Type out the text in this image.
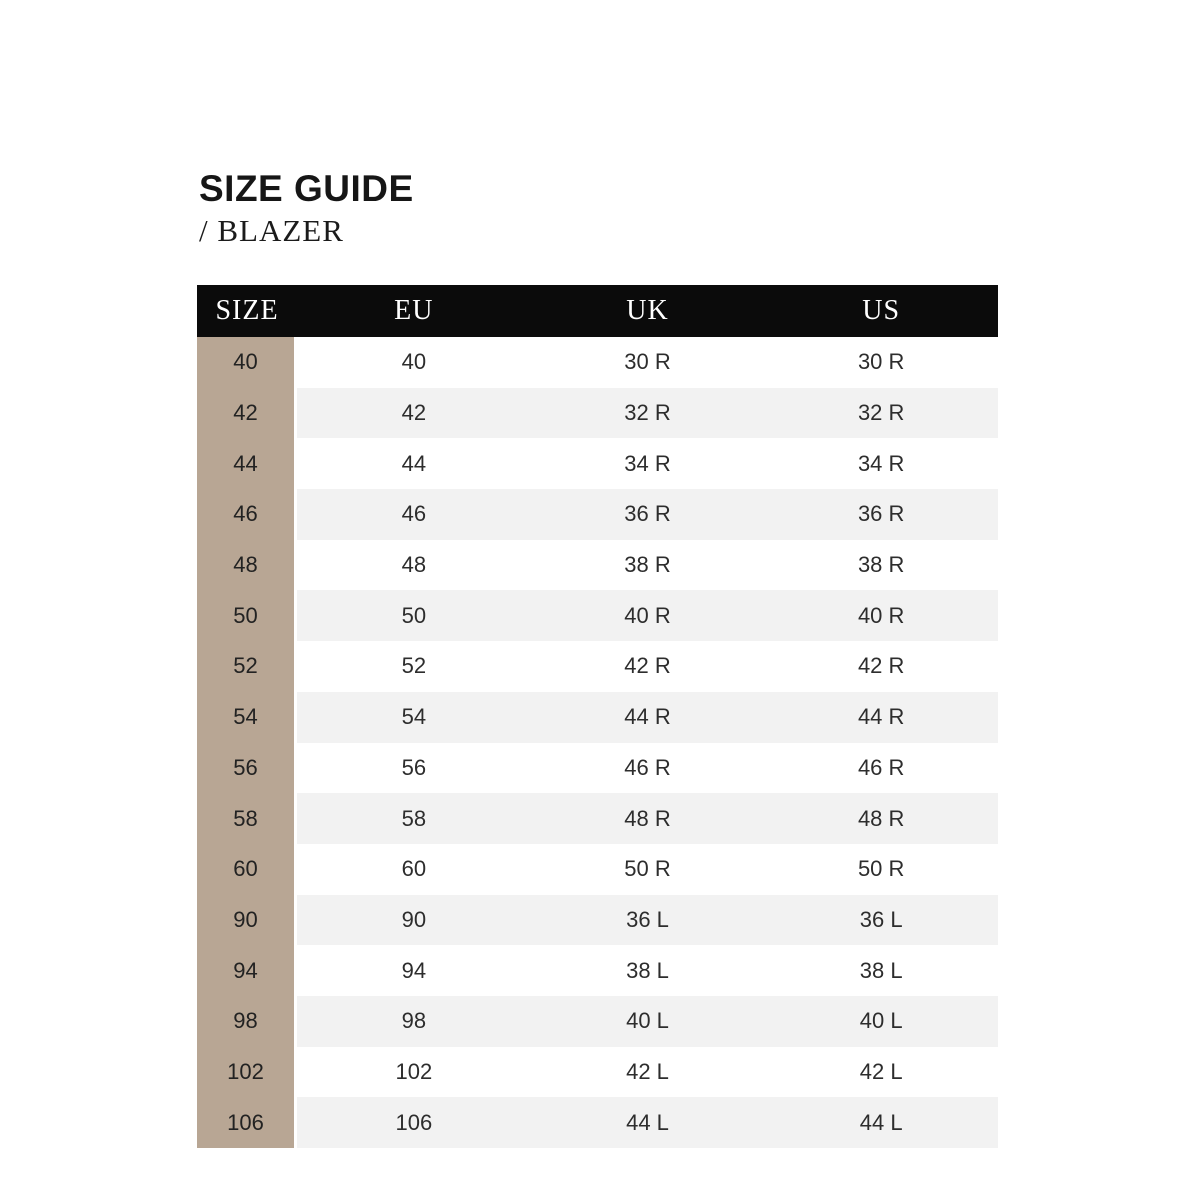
SIZE GUIDE
/ BLAZER
SIZE	EU	UK	US
40	40	30 R	30 R
42	42	32 R	32 R
44	44	34 R	34 R
46	46	36 R	36 R
48	48	38 R	38 R
50	50	40 R	40 R
52	52	42 R	42 R
54	54	44 R	44 R
56	56	46 R	46 R
58	58	48 R	48 R
60	60	50 R	50 R
90	90	36 L	36 L
94	94	38 L	38 L
98	98	40 L	40 L
102	102	42 L	42 L
106	106	44 L	44 L
